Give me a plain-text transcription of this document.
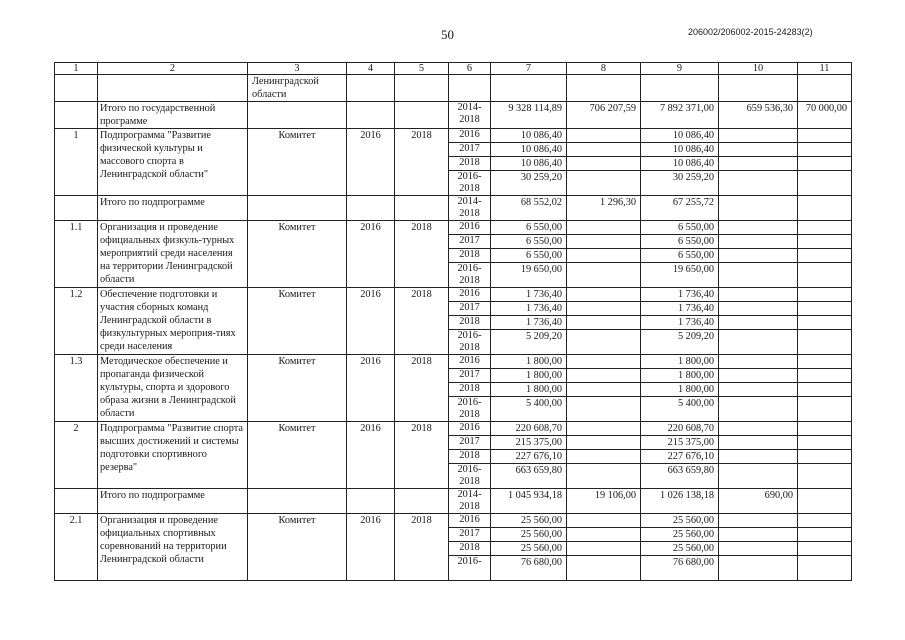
50	206002/206002-2015-24283(2)
1	2	3	4	5	6	7	8	9	10	11

		Ленинградской
области								

	Итого по государственной программе				2014-2018	9 328 114,89	706 207,59	7 892 371,00	659 536,30	70 000,00
1	Подпрограмма "Развитие физической культуры и массового спорта в Ленинградской области"	Комитет	2016	2018	2016	10 086,40		10 086,40		
					2017	10 086,40		10 086,40		
					2018	10 086,40		10 086,40		
					2016-2018	30 259,20		30 259,20		
	Итого по подпрограмме				2014-2018	68 552,02	1 296,30	67 255,72		
1.1	Организация и проведение официальных физкуль-турных мероприятий среди населения на территории Ленинградской области	Комитет	2016	2018	2016	6 550,00		6 550,00		
					2017	6 550,00		6 550,00		
					2018	6 550,00		6 550,00		
					2016-2018	19 650,00		19 650,00		
1.2	Обеспечение подготовки и участия сборных команд Ленинградской области в физкультурных мероприя-тиях среди населения	Комитет	2016	2018	2016	1 736,40		1 736,40		
					2017	1 736,40		1 736,40		
					2018	1 736,40		1 736,40		
					2016-2018	5 209,20		5 209,20		
1.3	Методическое обеспечение и пропаганда физической культуры, спорта и здорового образа жизни в Ленинградской области	Комитет	2016	2018	2016	1 800,00		1 800,00		
					2017	1 800,00		1 800,00		
					2018	1 800,00		1 800,00		
					2016-2018	5 400,00		5 400,00		
2	Подпрограмма "Развитие спорта высших достижений и системы подготовки спортивного резерва"	Комитет	2016	2018	2016	220 608,70		220 608,70		
					2017	215 375,00		215 375,00		
					2018	227 676,10		227 676,10		
					2016-2018	663 659,80		663 659,80		
	Итого по подпрограмме				2014-2018	1 045 934,18	19 106,00	1 026 138,18	690,00	
2.1	Организация и проведение официальных спортивных соревнований на территории Ленинградской области	Комитет	2016	2018	2016	25 560,00		25 560,00		
					2017	25 560,00		25 560,00		
					2018	25 560,00		25 560,00		
					2016-	76 680,00		76 680,00		
